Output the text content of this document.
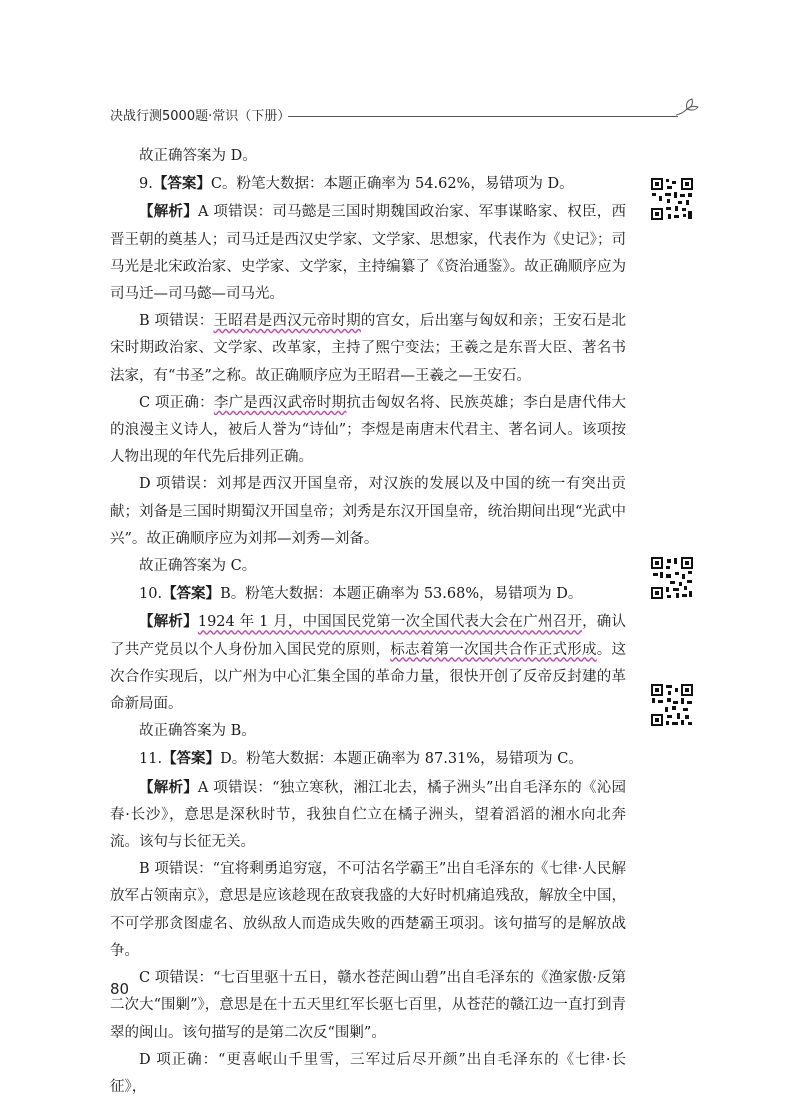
决战行测5000题·常识（下册）

故正确答案为 D。

9.【答案】C。粉笔大数据：本题正确率为 54.62%，易错项为 D。

【解析】A 项错误：司马懿是三国时期魏国政治家、军事谋略家、权臣，西晋王朝的奠基人；司马迁是西汉史学家、文学家、思想家，代表作为《史记》；司马光是北宋政治家、史学家、文学家，主持编纂了《资治通鉴》。故正确顺序应为司马迁—司马懿—司马光。

B 项错误：王昭君是西汉元帝时期的宫女，后出塞与匈奴和亲；王安石是北宋时期政治家、文学家、改革家，主持了熙宁变法；王羲之是东晋大臣、著名书法家，有“书圣”之称。故正确顺序应为王昭君—王羲之—王安石。

C 项正确：李广是西汉武帝时期抗击匈奴名将、民族英雄；李白是唐代伟大的浪漫主义诗人，被后人誉为“诗仙”；李煜是南唐末代君主、著名词人。该项按人物出现的年代先后排列正确。

D 项错误：刘邦是西汉开国皇帝，对汉族的发展以及中国的统一有突出贡献；刘备是三国时期蜀汉开国皇帝；刘秀是东汉开国皇帝，统治期间出现“光武中兴”。故正确顺序应为刘邦—刘秀—刘备。

故正确答案为 C。

10.【答案】B。粉笔大数据：本题正确率为 53.68%，易错项为 D。

【解析】1924 年 1 月，中国国民党第一次全国代表大会在广州召开，确认了共产党员以个人身份加入国民党的原则，标志着第一次国共合作正式形成。这次合作实现后，以广州为中心汇集全国的革命力量，很快开创了反帝反封建的革命新局面。

故正确答案为 B。

11.【答案】D。粉笔大数据：本题正确率为 87.31%，易错项为 C。

【解析】A 项错误：“独立寒秋，湘江北去，橘子洲头”出自毛泽东的《沁园春·长沙》，意思是深秋时节，我独自伫立在橘子洲头，望着滔滔的湘水向北奔流。该句与长征无关。

B 项错误：“宜将剩勇追穷寇，不可沽名学霸王”出自毛泽东的《七律·人民解放军占领南京》，意思是应该趁现在敌衰我盛的大好时机痛追残敌，解放全中国，不可学那贪图虚名、放纵敌人而造成失败的西楚霸王项羽。该句描写的是解放战争。

C 项错误：“七百里驱十五日，赣水苍茫闽山碧”出自毛泽东的《渔家傲·反第二次大“围剿”》，意思是在十五天里红军长驱七百里，从苍茫的赣江边一直打到青翠的闽山。该句描写的是第二次反“围剿”。

D 项正确：“更喜岷山千里雪，三军过后尽开颜”出自毛泽东的《七律·长征》，

80
